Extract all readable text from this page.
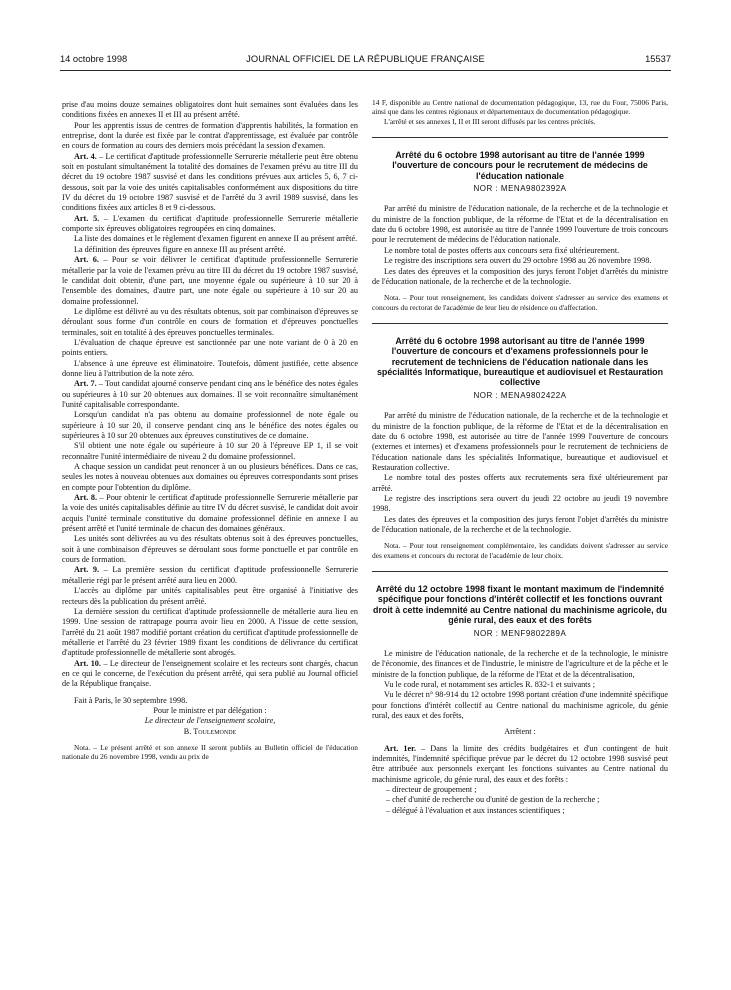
14 octobre 1998	JOURNAL OFFICIEL DE LA RÉPUBLIQUE FRANÇAISE	15537

prise d'au moins douze semaines obligatoires dont huit semaines sont évaluées dans les conditions fixées en annexes II et III au présent arrêté.

Pour les apprentis issus de centres de formation d'apprentis habilités, la formation en entreprise, dont la durée est fixée par le contrat d'apprentissage, est évaluée par contrôle en cours de formation au cours des derniers mois précédant la session d'examen.

Art. 4. – Le certificat d'aptitude professionnelle Serrurerie métallerie peut être obtenu soit en postulant simultanément la totalité des domaines de l'examen prévu au titre III du décret du 19 octobre 1987 susvisé et dans les conditions prévues aux articles 5, 6, 7 ci-dessous, soit par la voie des unités capitalisables conformément aux dispositions du titre IV du décret du 19 octobre 1987 susvisé et de l'arrêté du 3 avril 1989 susvisé, dans les conditions fixées aux articles 8 et 9 ci-dessous.

Art. 5. – L'examen du certificat d'aptitude professionnelle Serrurerie métallerie comporte six épreuves obligatoires regroupées en cinq domaines.

La liste des domaines et le règlement d'examen figurent en annexe II au présent arrêté.

La définition des épreuves figure en annexe III au présent arrêté.

Art. 6. – Pour se voir délivrer le certificat d'aptitude professionnelle Serrurerie métallerie par la voie de l'examen prévu au titre III du décret du 19 octobre 1987 susvisé, le candidat doit obtenir, d'une part, une moyenne égale ou supérieure à 10 sur 20 à l'ensemble des domaines, d'autre part, une note égale ou supérieure à 10 sur 20 au domaine professionnel.

Le diplôme est délivré au vu des résultats obtenus, soit par combinaison d'épreuves se déroulant sous forme d'un contrôle en cours de formation et d'épreuves ponctuelles terminales, soit en totalité à des épreuves ponctuelles terminales.

L'évaluation de chaque épreuve est sanctionnée par une note variant de 0 à 20 en points entiers.

L'absence à une épreuve est éliminatoire. Toutefois, dûment justifiée, cette absence donne lieu à l'attribution de la note zéro.

Art. 7. – Tout candidat ajourné conserve pendant cinq ans le bénéfice des notes égales ou supérieures à 10 sur 20 obtenues aux domaines. Il se voit reconnaître simultanément l'unité capitalisable correspondante.

Lorsqu'un candidat n'a pas obtenu au domaine professionnel de note égale ou supérieure à 10 sur 20, il conserve pendant cinq ans le bénéfice des notes égales ou supérieures à 10 sur 20 obtenues aux épreuves constitutives de ce domaine.

S'il obtient une note égale ou supérieure à 10 sur 20 à l'épreuve EP 1, il se voit reconnaître l'unité intermédiaire de niveau 2 du domaine professionnel.

A chaque session un candidat peut renoncer à un ou plusieurs bénéfices. Dans ce cas, seules les notes à nouveau obtenues aux domaines ou épreuves correspondants sont prises en compte pour l'obtention du diplôme.

Art. 8. – Pour obtenir le certificat d'aptitude professionnelle Serrurerie métallerie par la voie des unités capitalisables définie au titre IV du décret susvisé, le candidat doit avoir acquis l'unité terminale constitutive du domaine professionnel définie en annexe I au présent arrêté et l'unité terminale de chacun des domaines généraux.

Les unités sont délivrées au vu des résultats obtenus soit à des épreuves ponctuelles, soit à une combinaison d'épreuves se déroulant sous forme ponctuelle et par contrôle en cours de formation.

Art. 9. – La première session du certificat d'aptitude professionnelle Serrurerie métallerie régi par le présent arrêté aura lieu en 2000.

L'accès au diplôme par unités capitalisables peut être organisé à l'initiative des recteurs dès la publication du présent arrêté.

La dernière session du certificat d'aptitude professionnelle de métallerie aura lieu en 1999. Une session de rattrapage pourra avoir lieu en 2000. A l'issue de cette session, l'arrêté du 21 août 1987 modifié portant création du certificat d'aptitude professionnelle de métallerie et l'arrêté du 23 février 1989 fixant les conditions de délivrance du certificat d'aptitude professionnelle de métallerie sont abrogés.

Art. 10. – Le directeur de l'enseignement scolaire et les recteurs sont chargés, chacun en ce qui le concerne, de l'exécution du présent arrêté, qui sera publié au Journal officiel de la République française.

Fait à Paris, le 30 septembre 1998.

Pour le ministre et par délégation :

Le directeur de l'enseignement scolaire,

B. Toulemonde

Nota. – Le présent arrêté et son annexe II seront publiés au Bulletin officiel de l'éducation nationale du 26 novembre 1998, vendu au prix de

14 F, disponible au Centre national de documentation pédagogique, 13, rue du Four, 75006 Paris, ainsi que dans les centres régionaux et départementaux de documentation pédagogique.

L'arrêté et ses annexes I, II et III seront diffusés par les centres précités.

Arrêté du 6 octobre 1998 autorisant au titre de l'année 1999 l'ouverture de concours pour le recrutement de médecins de l'éducation nationale

NOR : MENA9802392A

Par arrêté du ministre de l'éducation nationale, de la recherche et de la technologie et du ministre de la fonction publique, de la réforme de l'Etat et de la décentralisation en date du 6 octobre 1998, est autorisée au titre de l'année 1999 l'ouverture de trois concours pour le recrutement de médecins de l'éducation nationale.

Le nombre total de postes offerts aux concours sera fixé ultérieurement.

Le registre des inscriptions sera ouvert du 29 octobre 1998 au 26 novembre 1998.

Les dates des épreuves et la composition des jurys feront l'objet d'arrêtés du ministre de l'éducation nationale, de la recherche et de la technologie.

Nota. – Pour tout renseignement, les candidats doivent s'adresser au service des examens et concours du rectorat de l'académie de leur lieu de résidence ou d'affectation.

Arrêté du 6 octobre 1998 autorisant au titre de l'année 1999 l'ouverture de concours et d'examens professionnels pour le recrutement de techniciens de l'éducation nationale dans les spécialités Informatique, bureautique et audiovisuel et Restauration collective

NOR : MENA9802422A

Par arrêté du ministre de l'éducation nationale, de la recherche et de la technologie et du ministre de la fonction publique, de la réforme de l'Etat et de la décentralisation en date du 6 octobre 1998, est autorisée au titre de l'année 1999 l'ouverture de concours (externes et internes) et d'examens professionnels pour le recrutement de techniciens de l'éducation nationale dans les spécialités Informatique, bureautique et audiovisuel et Restauration collective.

Le nombre total des postes offerts aux recrutements sera fixé ultérieurement par arrêté.

Le registre des inscriptions sera ouvert du jeudi 22 octobre au jeudi 19 novembre 1998.

Les dates des épreuves et la composition des jurys feront l'objet d'arrêtés du ministre de l'éducation nationale, de la recherche et de la technologie.

Nota. – Pour tout renseignement complémentaire, les candidats doivent s'adresser au service des examens et concours du rectorat de l'académie de leur choix.

Arrêté du 12 octobre 1998 fixant le montant maximum de l'indemnité spécifique pour fonctions d'intérêt collectif et les fonctions ouvrant droit à cette indemnité au Centre national du machinisme agricole, du génie rural, des eaux et des forêts

NOR : MENF9802289A

Le ministre de l'éducation nationale, de la recherche et de la technologie, le ministre de l'économie, des finances et de l'industrie, le ministre de l'agriculture et de la pêche et le ministre de la fonction publique, de la réforme de l'Etat et de la décentralisation,

Vu le code rural, et notamment ses articles R. 832-1 et suivants ;

Vu le décret n° 98-914 du 12 octobre 1998 portant création d'une indemnité spécifique pour fonctions d'intérêt collectif au Centre national du machinisme agricole, du génie rural, des eaux et des forêts,

Arrêtent :

Art. 1er. – Dans la limite des crédits budgétaires et d'un contingent de huit indemnités, l'indemnité spécifique prévue par le décret du 12 octobre 1998 susvisé peut être attribuée aux personnels exerçant les fonctions suivantes au Centre national du machinisme agricole, du génie rural, des eaux et des forêts :

– directeur de groupement ;

– chef d'unité de recherche ou d'unité de gestion de la recherche ;

– délégué à l'évaluation et aux instances scientifiques ;
